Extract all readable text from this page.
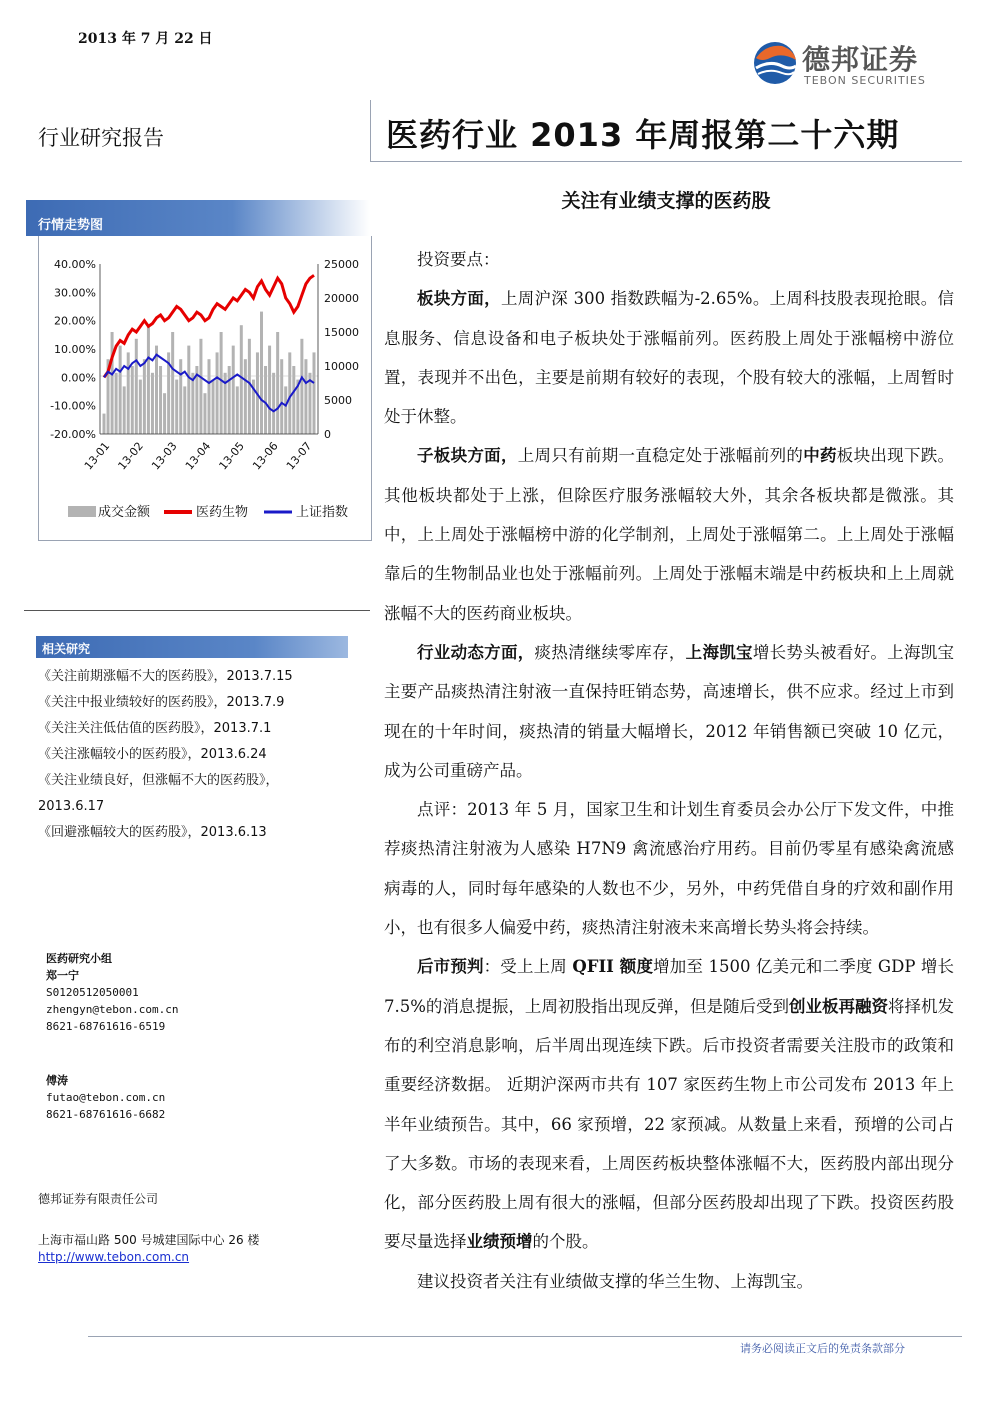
2013 年 7 月 22 日
德邦证券
TEBON SECURITIES
行业研究报告	医药行业 2013 年周报第二十六期
关注有业绩支撑的医药股
行情走势图
40.00%
30.00%
20.00%
10.00%
0.00%
-10.00%
-20.00%
25000
20000
15000
10000
5000
0
13-01 13-02 13-03 13-04 13-05 13-06 13-07
成交金额	医药生物	上证指数
相关研究
《关注前期涨幅不大的医药股》，2013.7.15
《关注中报业绩较好的医药股》，2013.7.9
《关注关注低估值的医药股》，2013.7.1
《关注涨幅较小的医药股》，2013.6.24
《关注业绩良好，但涨幅不大的医药股》，
2013.6.17
《回避涨幅较大的医药股》，2013.6.13
医药研究小组
郑一宁
S0120512050001
zhengyn@tebon.com.cn
8621-68761616-6519
傅涛
futao@tebon.com.cn
8621-68761616-6682
德邦证券有限责任公司
上海市福山路 500 号城建国际中心 26 楼
http://www.tebon.com.cn

投资要点：

板块方面，上周沪深 300 指数跌幅为-2.65%。上周科技股表现抢眼。信息服务、信息设备和电子板块处于涨幅前列。医药股上周处于涨幅榜中游位置，表现并不出色，主要是前期有较好的表现，个股有较大的涨幅，上周暂时处于休整。

子板块方面，上周只有前期一直稳定处于涨幅前列的中药板块出现下跌。其他板块都处于上涨，但除医疗服务涨幅较大外，其余各板块都是微涨。其中，上上周处于涨幅榜中游的化学制剂，上周处于涨幅第二。上上周处于涨幅靠后的生物制品业也处于涨幅前列。上周处于涨幅末端是中药板块和上上周就涨幅不大的医药商业板块。

行业动态方面，痰热清继续零库存，上海凯宝增长势头被看好。上海凯宝主要产品痰热清注射液一直保持旺销态势，高速增长，供不应求。经过上市到现在的十年时间，痰热清的销量大幅增长，2012 年销售额已突破 10 亿元，成为公司重磅产品。

点评：2013 年 5 月，国家卫生和计划生育委员会办公厅下发文件，中推荐痰热清注射液为人感染 H7N9 禽流感治疗用药。目前仍零星有感染禽流感病毒的人，同时每年感染的人数也不少，另外，中药凭借自身的疗效和副作用小，也有很多人偏爱中药，痰热清注射液未来高增长势头将会持续。

后市预判：受上上周 QFII 额度增加至 1500 亿美元和二季度 GDP 增长 7.5%的消息提振，上周初股指出现反弹，但是随后受到创业板再融资将择机发布的利空消息影响，后半周出现连续下跌。后市投资者需要关注股市的政策和重要经济数据。 近期沪深两市共有 107 家医药生物上市公司发布 2013 年上半年业绩预告。其中，66 家预增，22 家预减。从数量上来看，预增的公司占了大多数。市场的表现来看，上周医药板块整体涨幅不大，医药股内部出现分化，部分医药股上周有很大的涨幅，但部分医药股却出现了下跌。投资医药股要尽量选择业绩预增的个股。

建议投资者关注有业绩做支撑的华兰生物、上海凯宝。

请务必阅读正文后的免责条款部分
